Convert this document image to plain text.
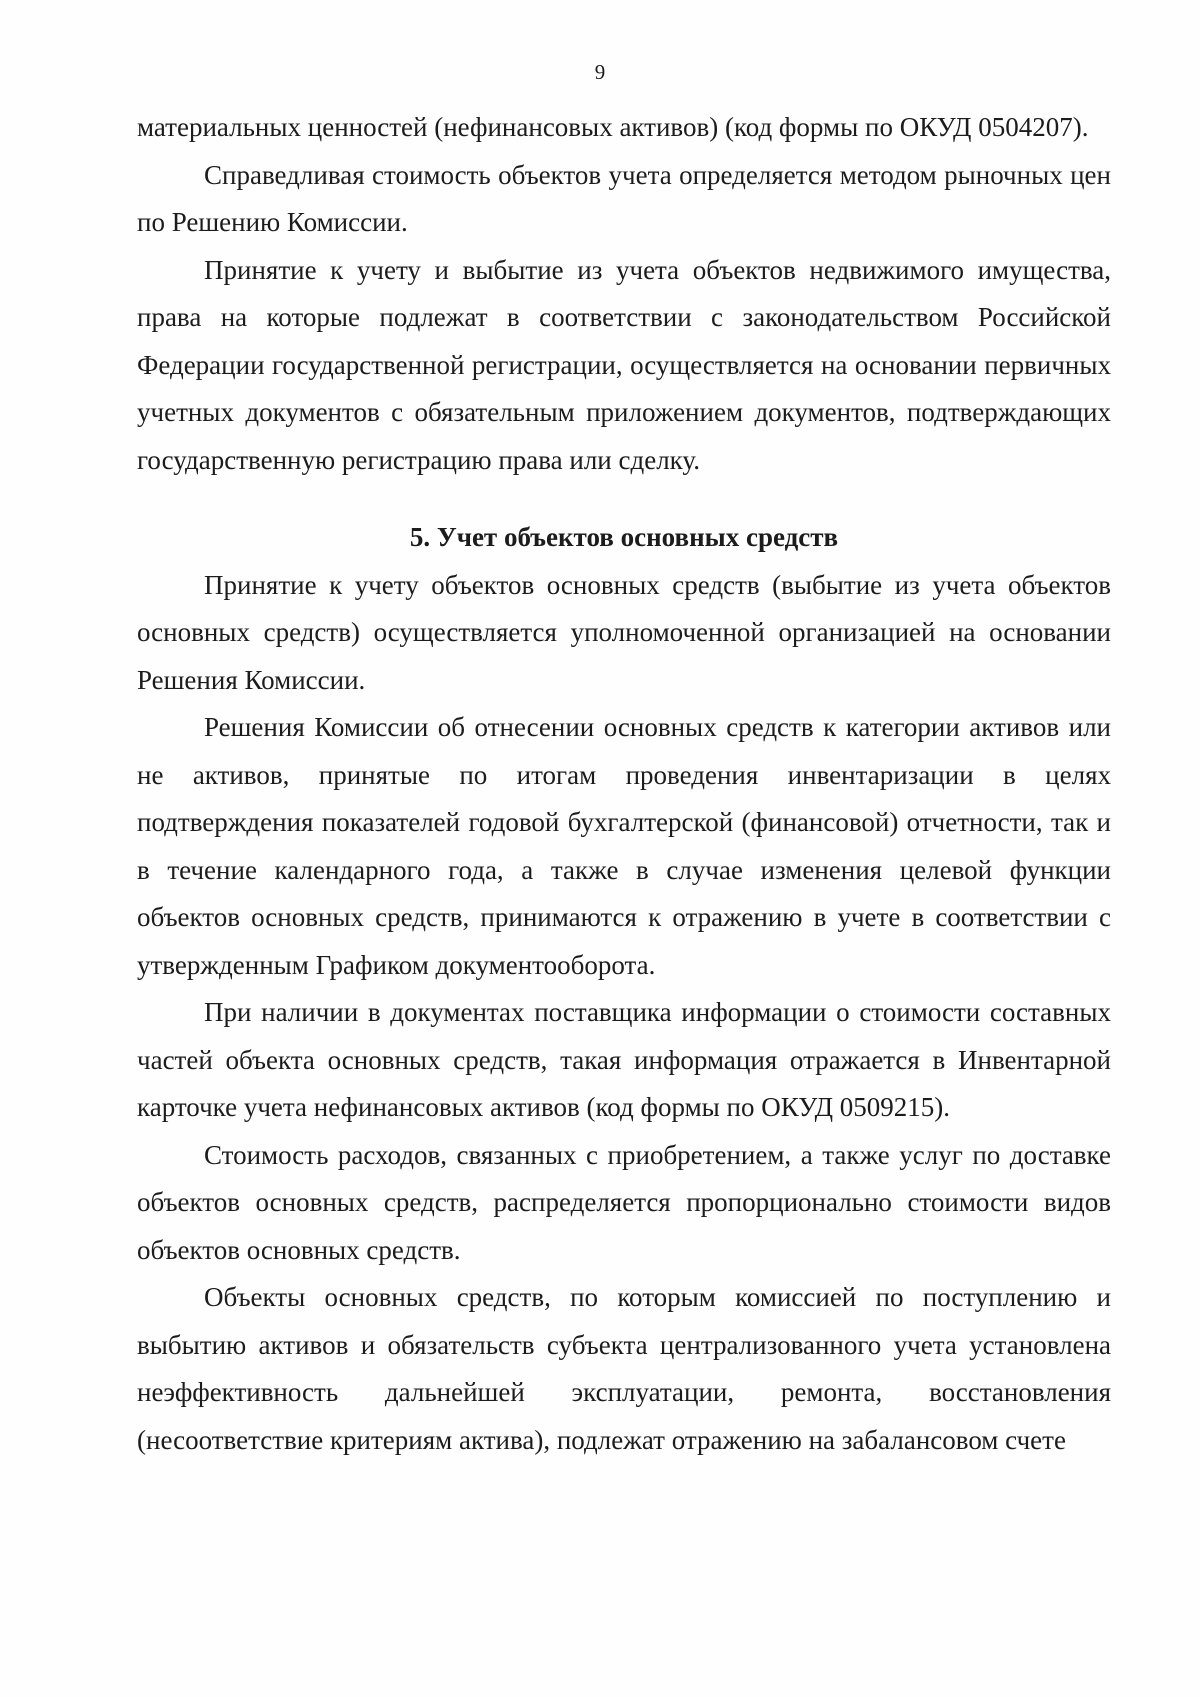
9

материальных ценностей (нефинансовых активов) (код формы по ОКУД 0504207).

Справедливая стоимость объектов учета определяется методом рыночных цен по Решению Комиссии.

Принятие к учету и выбытие из учета объектов недвижимого имущества, права на которые подлежат в соответствии с законодательством Российской Федерации государственной регистрации, осуществляется на основании первичных учетных документов с обязательным приложением документов, подтверждающих государственную регистрацию права или сделку.

5. Учет объектов основных средств

Принятие к учету объектов основных средств (выбытие из учета объектов основных средств) осуществляется уполномоченной организацией на основании Решения Комиссии.

Решения Комиссии об отнесении основных средств к категории активов или не активов, принятые по итогам проведения инвентаризации в целях подтверждения показателей годовой бухгалтерской (финансовой) отчетности, так и в течение календарного года, а также в случае изменения целевой функции объектов основных средств, принимаются к отражению в учете в соответствии с утвержденным Графиком документооборота.

При наличии в документах поставщика информации о стоимости составных частей объекта основных средств, такая информация отражается в Инвентарной карточке учета нефинансовых активов (код формы по ОКУД 0509215).

Стоимость расходов, связанных с приобретением, а также услуг по доставке объектов основных средств, распределяется пропорционально стоимости видов объектов основных средств.

Объекты основных средств, по которым комиссией по поступлению и выбытию активов и обязательств субъекта централизованного учета установлена неэффективность дальнейшей эксплуатации, ремонта, восстановления (несоответствие критериям актива), подлежат отражению на забалансовом счете
